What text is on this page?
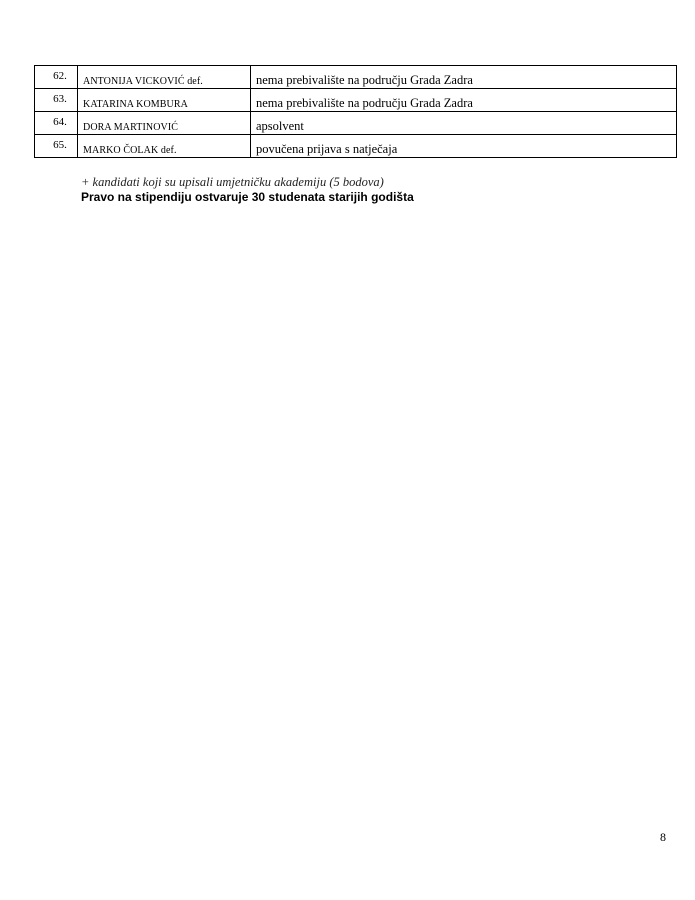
62.	ANTONIJA VICKOVIĆ def.	nema prebivalište na području Grada Zadra

63.	KATARINA KOMBURA	nema prebivalište na području Grada Zadra

64.	DORA MARTINOVIĆ	apsolvent

65.	MARKO ČOLAK def.	povučena prijava s natječaja
+ kandidati koji su upisali umjetničku akademiju (5 bodova)
Pravo na stipendiju ostvaruje 30 studenata starijih godišta
8
